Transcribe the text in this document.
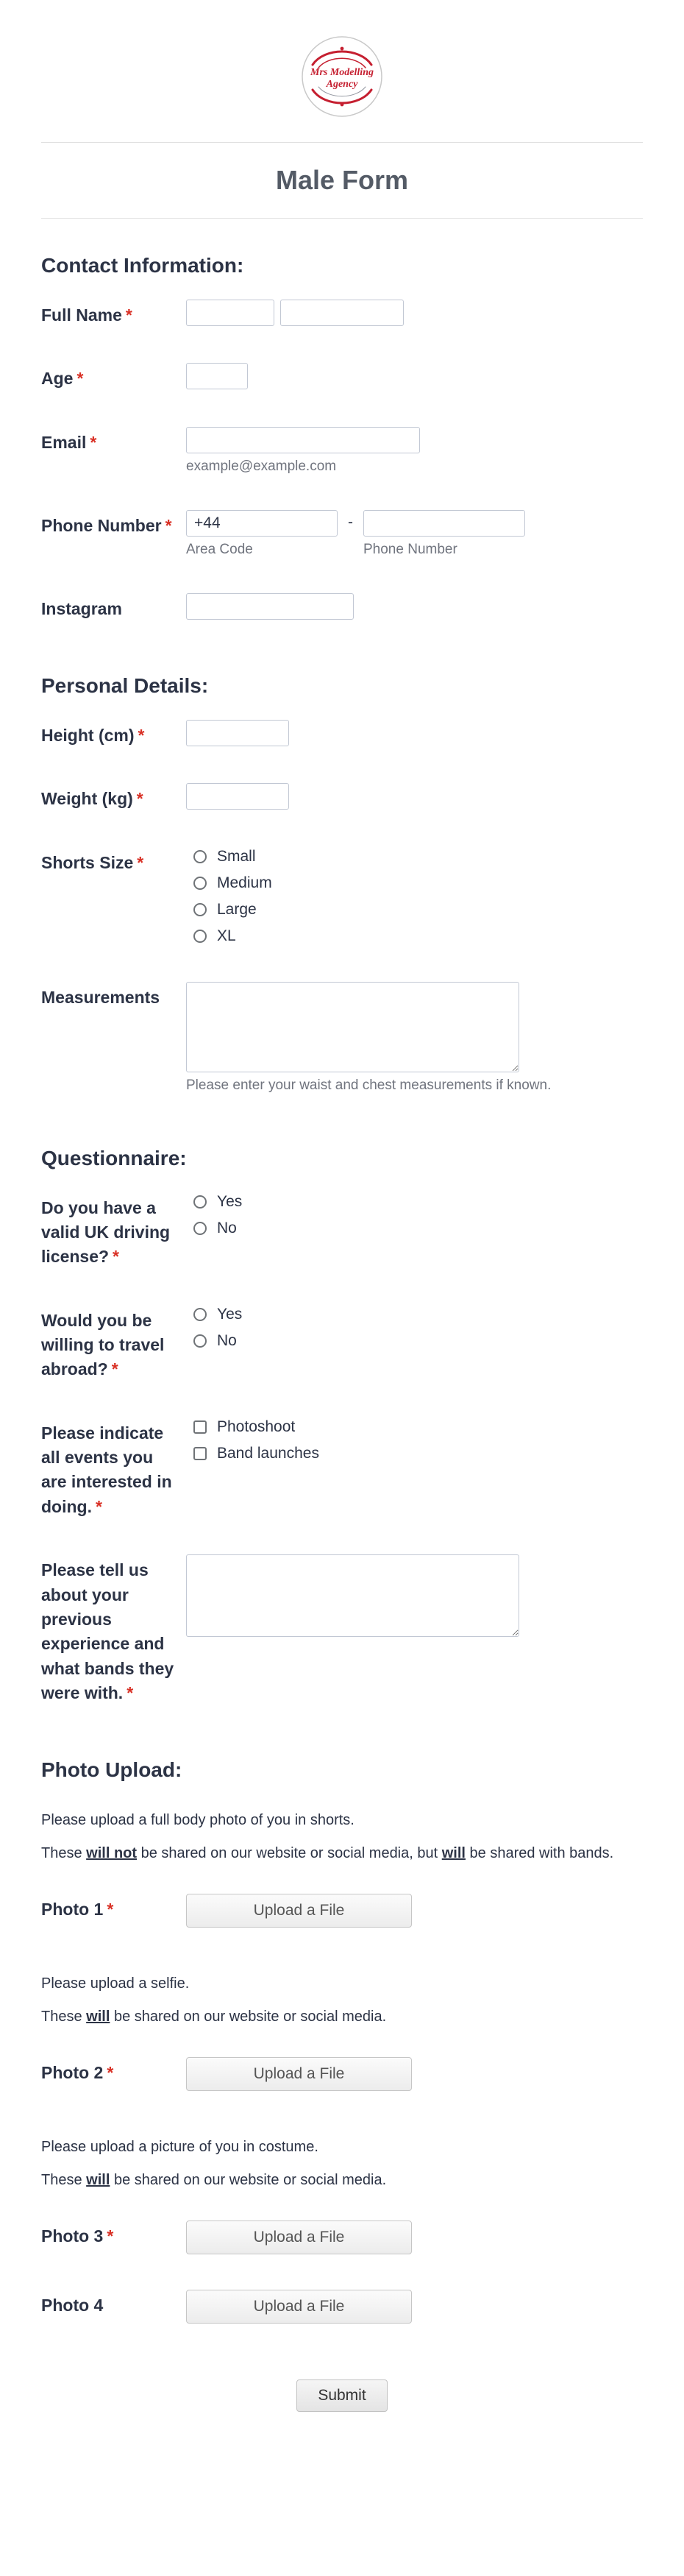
Mrs Modelling
Agency
Male Form
Contact Information:
Full Name *
Age *
Email *
example@example.com
Phone Number *
+44
Area Code
-
Phone Number
Instagram
Personal Details:
Height (cm) *
Weight (kg) *
Shorts Size *	Small
Medium
Large
XL
Measurements
Please enter your waist and chest measurements if known.
Questionnaire:
Do you have a valid UK driving license? *
Yes
No
Would you be willing to travel abroad? *
Yes
No
Please indicate all events you are interested in doing. *
Photoshoot
Band launches
Please tell us about your previous experience and what bands they were with. *
Photo Upload:

Please upload a full body photo of you in shorts.

These will not be shared on our website or social media, but will be shared with bands.

Photo 1 *	Upload a File

Please upload a selfie.

These will be shared on our website or social media.

Photo 2 *	Upload a File

Please upload a picture of you in costume.

These will be shared on our website or social media.

Photo 3 *	Upload a File
Photo 4	Upload a File
Submit
